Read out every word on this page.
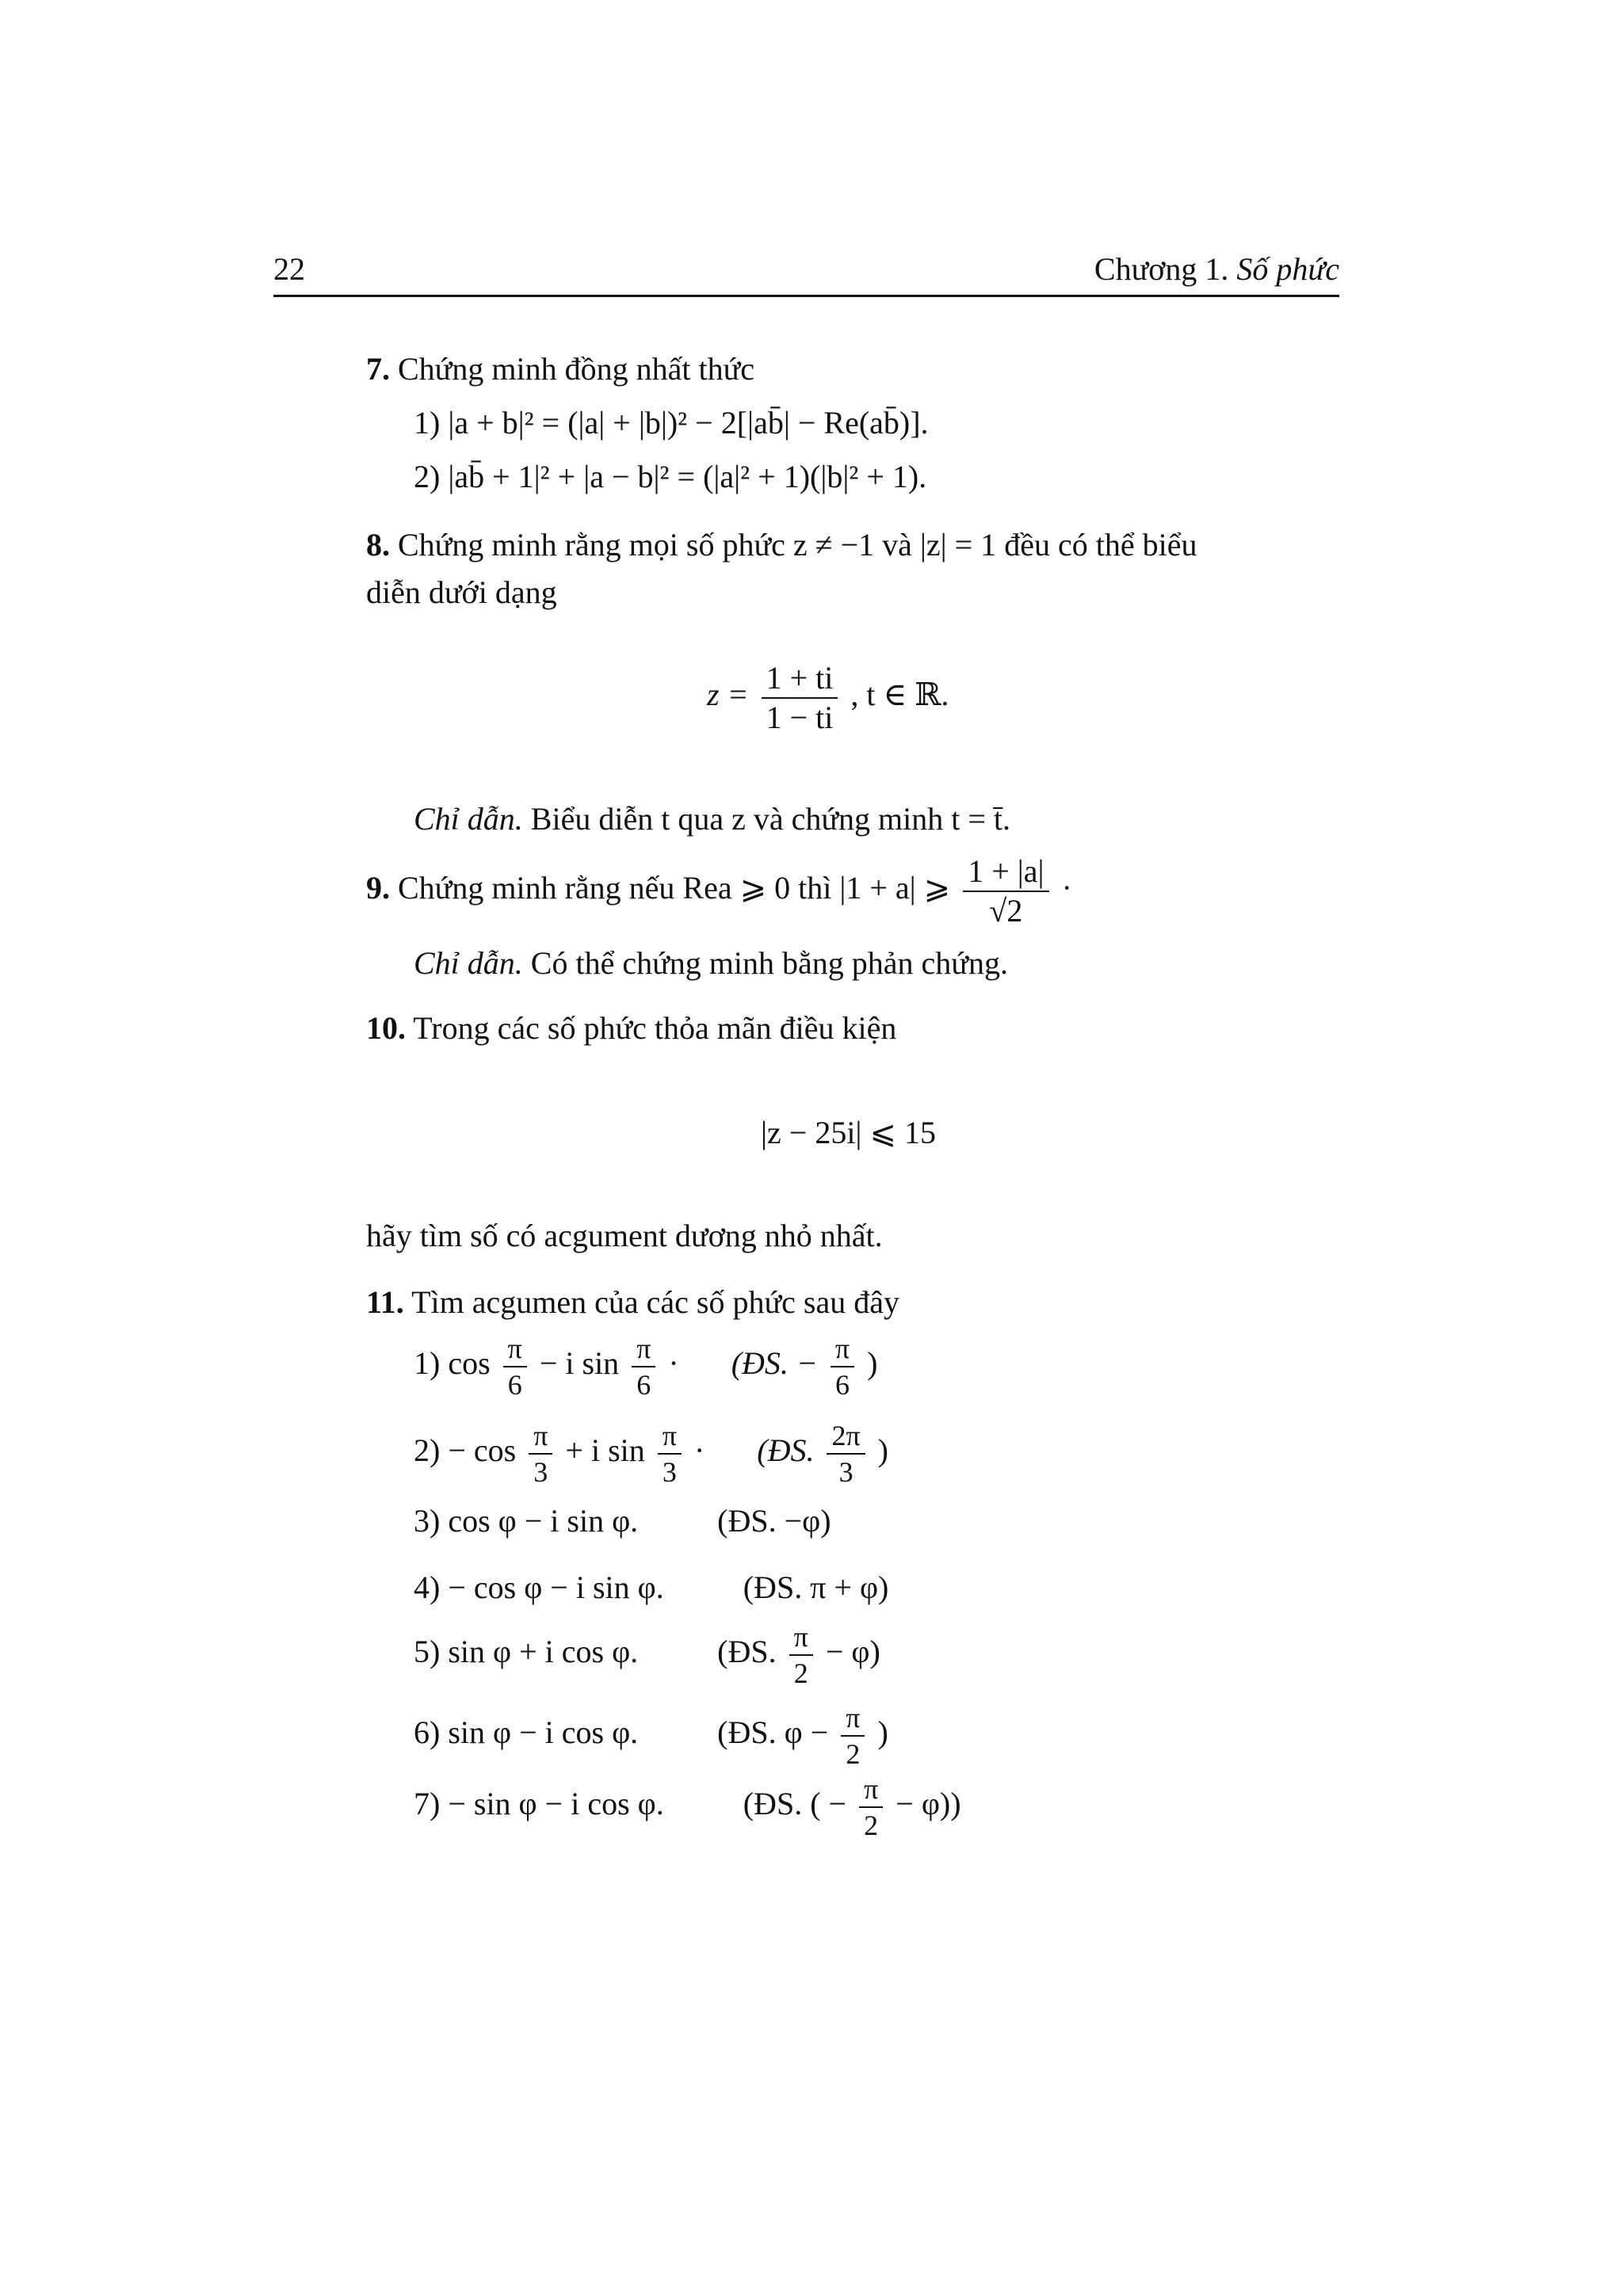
22	Chương 1. Số phức
7. Chứng minh đồng nhất thức
1) |a + b|² = (|a| + |b|)² − 2[|ab̄| − Re(ab̄)].
2) |ab̄ + 1|² + |a − b|² = (|a|² + 1)(|b|² + 1).
8. Chứng minh rằng mọi số phức z ≠ −1 và |z| = 1 đều có thể biểu
diễn dưới dạng
$z = \frac{1 + ti}{1 - ti}$ , t ∈ ℝ.
Chỉ dẫn. Biểu diễn t qua z và chứng minh t = t̄.
9. Chứng minh rằng nếu Rea ⩾ 0 thì |1 + a| ⩾ $\frac{1 + |a|}{√2}$ ·
Chỉ dẫn. Có thể chứng minh bằng phản chứng.
10. Trong các số phức thỏa mãn điều kiện
|z − 25i| ⩽ 15
hãy tìm số có acgument dương nhỏ nhất.
11. Tìm acgumen của các số phức sau đây
1) $\cos \frac{\pi}{6} - i$ $\sin \frac{\pi}{6}$ · (ĐS. − $\frac{\pi}{6}$ )
$2) - \cos \frac{\pi}{3} + i$ $\sin \frac{\pi}{3}$ · (ĐS. $\frac{2\pi}{3}$ )
3) cos φ − i sin φ.	(ĐS. −φ)
4) − cos φ − i sin φ.	(ĐS. π + φ)
5) sin φ + i cos φ.	(ĐS. $\frac{\pi}{2} - \varphi$)
6) sin φ − i cos φ.	(ĐS. $\varphi - \frac{\pi}{2}$ )
7) − sin φ − i cos φ.	(ĐS. ( − $\frac{\pi}{2} - \varphi$))
